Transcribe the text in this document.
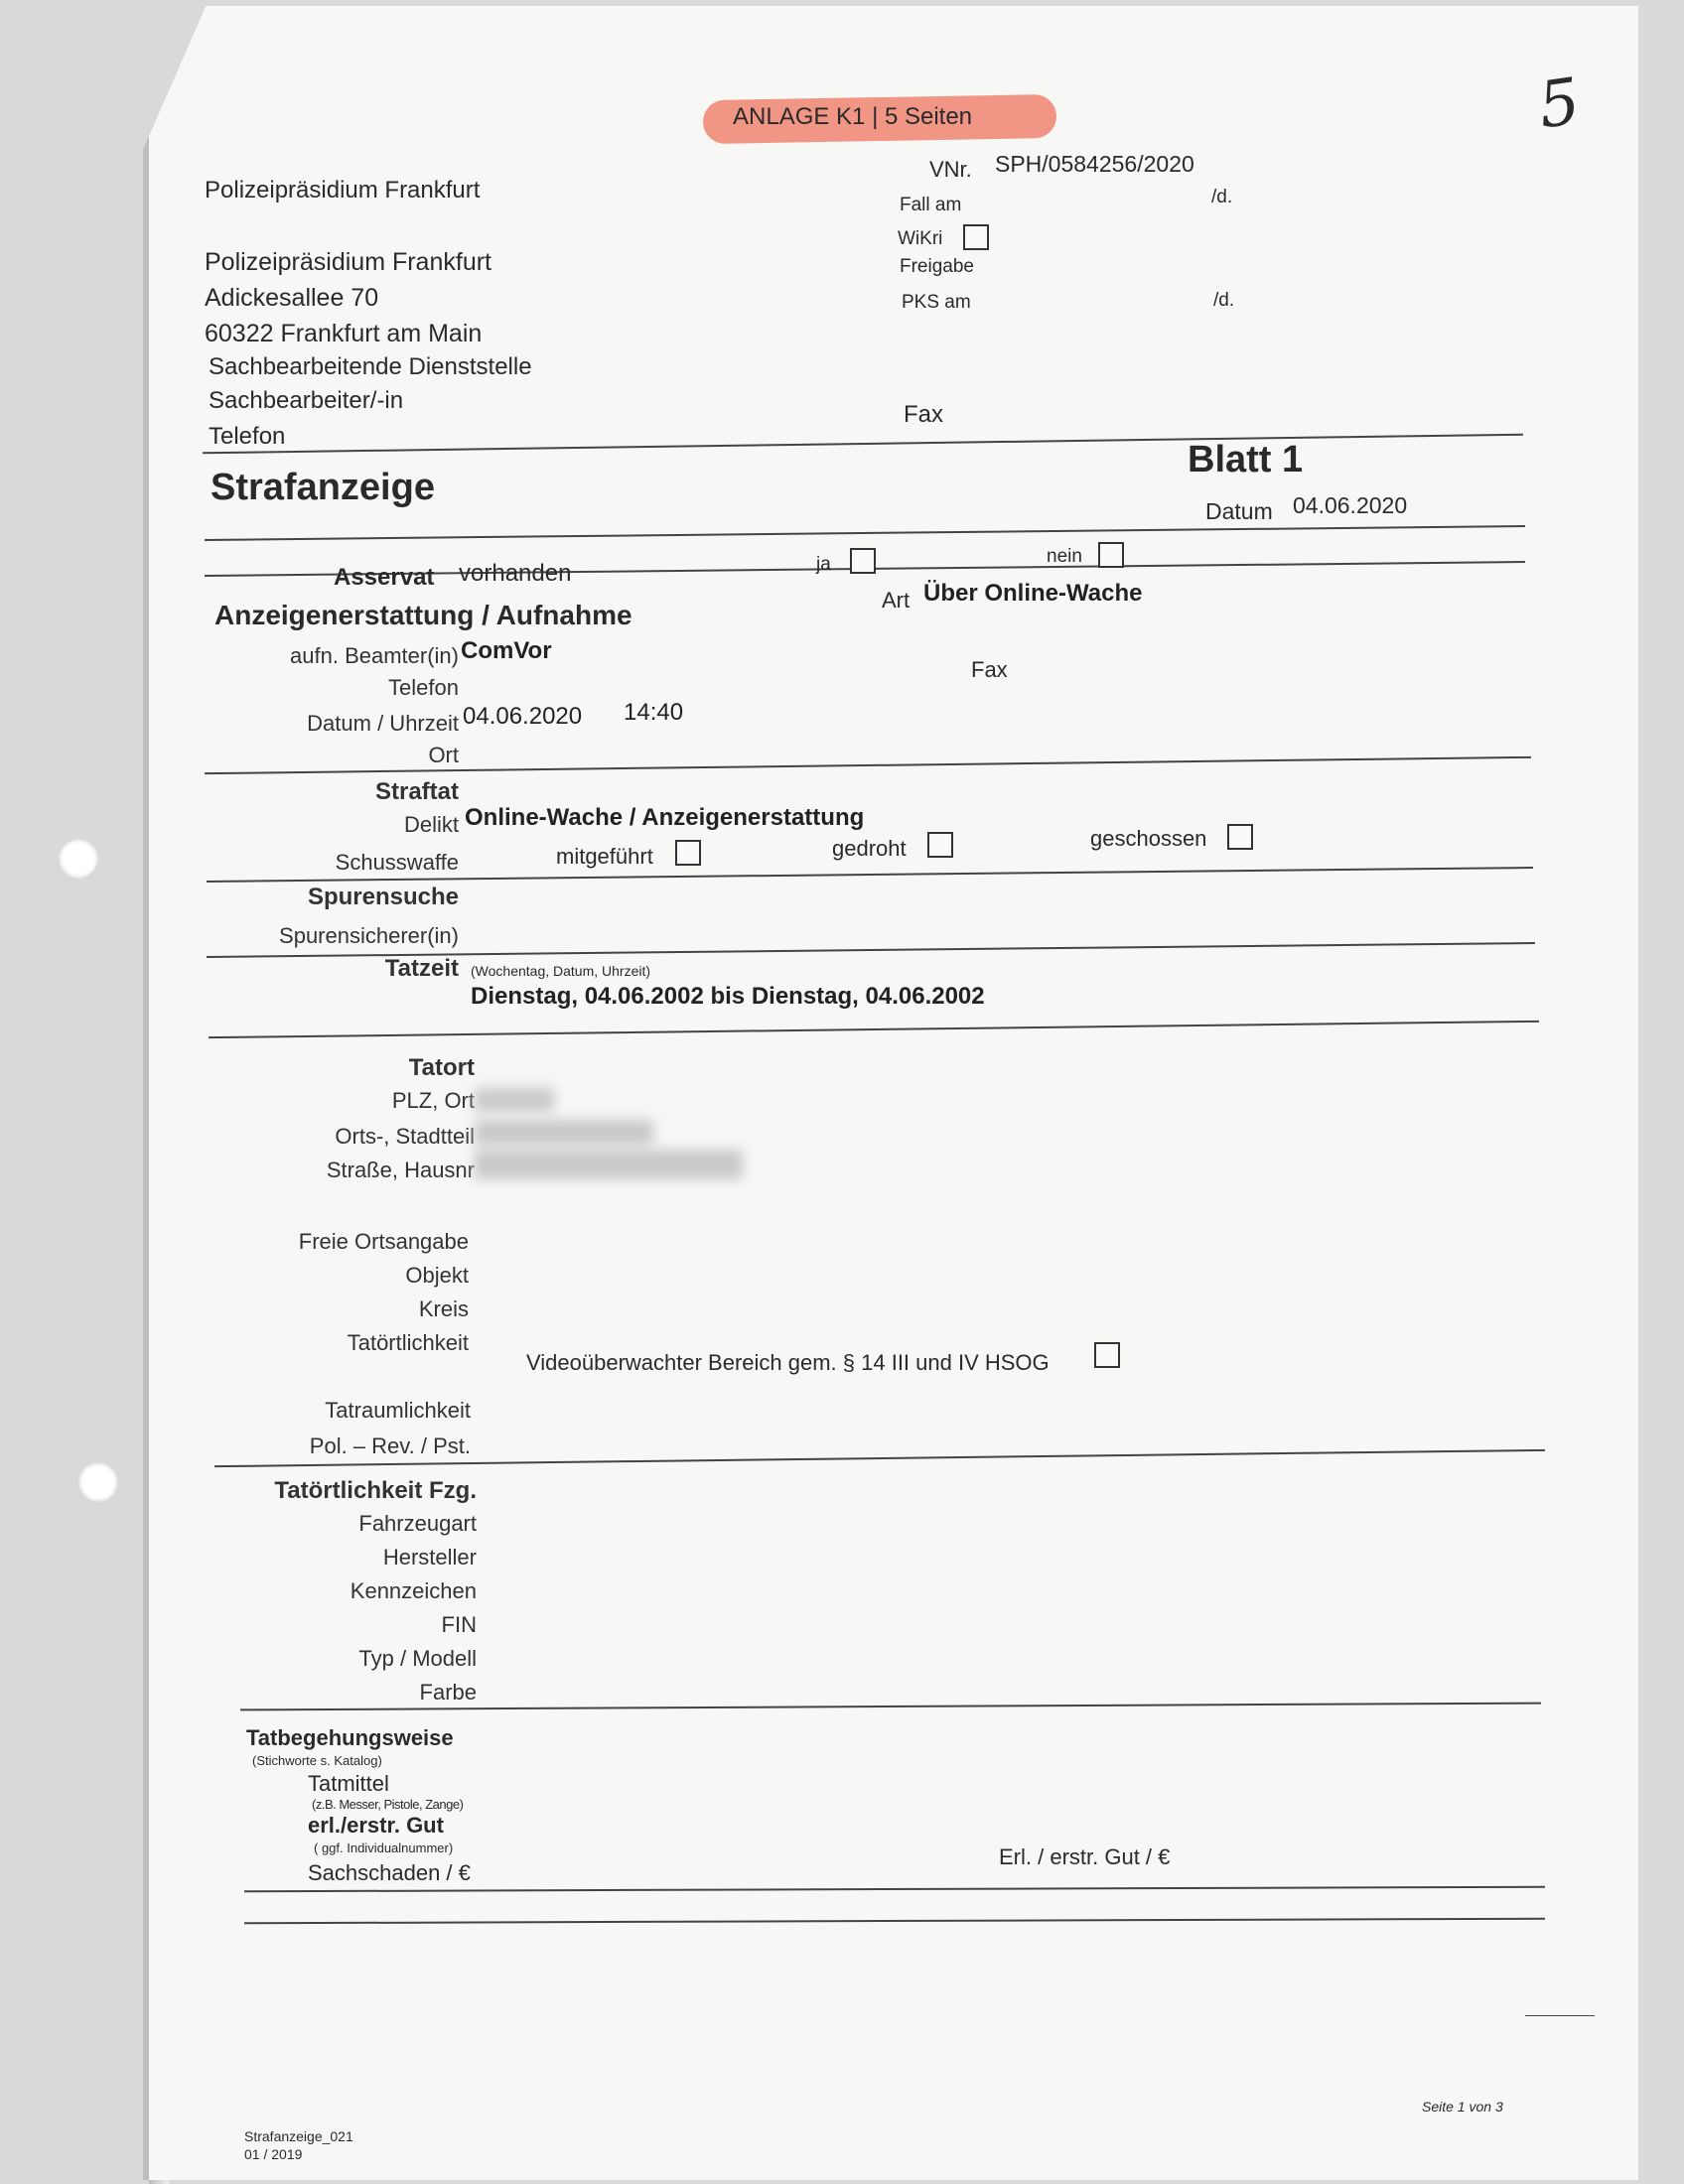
ANLAGE K1 | 5 Seiten	5
Polizeipräsidium Frankfurt
Polizeipräsidium Frankfurt
Adickesallee 70
60322 Frankfurt am Main
Sachbearbeitende Dienststelle
Sachbearbeiter/-in
Telefon
VNr. SPH/0584256/2020
Fall am	/d.
WiKri
Freigabe
PKS am	/d.
Fax
Strafanzeige
Blatt 1
Datum 04.06.2020
Asservat vorhanden	ja	nein
Anzeigenerstattung / Aufnahme	Art Über Online-Wache
aufn. Beamter(in) ComVor
Telefon
Fax
Datum / Uhrzeit 04.06.2020 14:40
Ort
Straftat
Delikt Online-Wache / Anzeigenerstattung
Schusswaffe	mitgeführt	gedroht	geschossen
Spurensuche
Spurensicherer(in)
Tatzeit (Wochentag, Datum, Uhrzeit)
Dienstag, 04.06.2002 bis Dienstag, 04.06.2002
Tatort
PLZ, Ort
Orts-, Stadtteil
Straße, Hausnr
Freie Ortsangabe
Objekt
Kreis
Tatörtlichkeit
Videoüberwachter Bereich gem. § 14 III und IV HSOG
Tatraumlichkeit
Pol. – Rev. / Pst.
Tatörtlichkeit Fzg.
Fahrzeugart
Hersteller
Kennzeichen
FIN
Typ / Modell
Farbe
Tatbegehungsweise
(Stichworte s. Katalog)
Tatmittel
(z.B. Messer, Pistole, Zange)
erl./erstr. Gut
( ggf. Individualnummer)
Sachschaden / €
Erl. / erstr. Gut / €
Strafanzeige_021
01 / 2019
Seite 1 von 3
